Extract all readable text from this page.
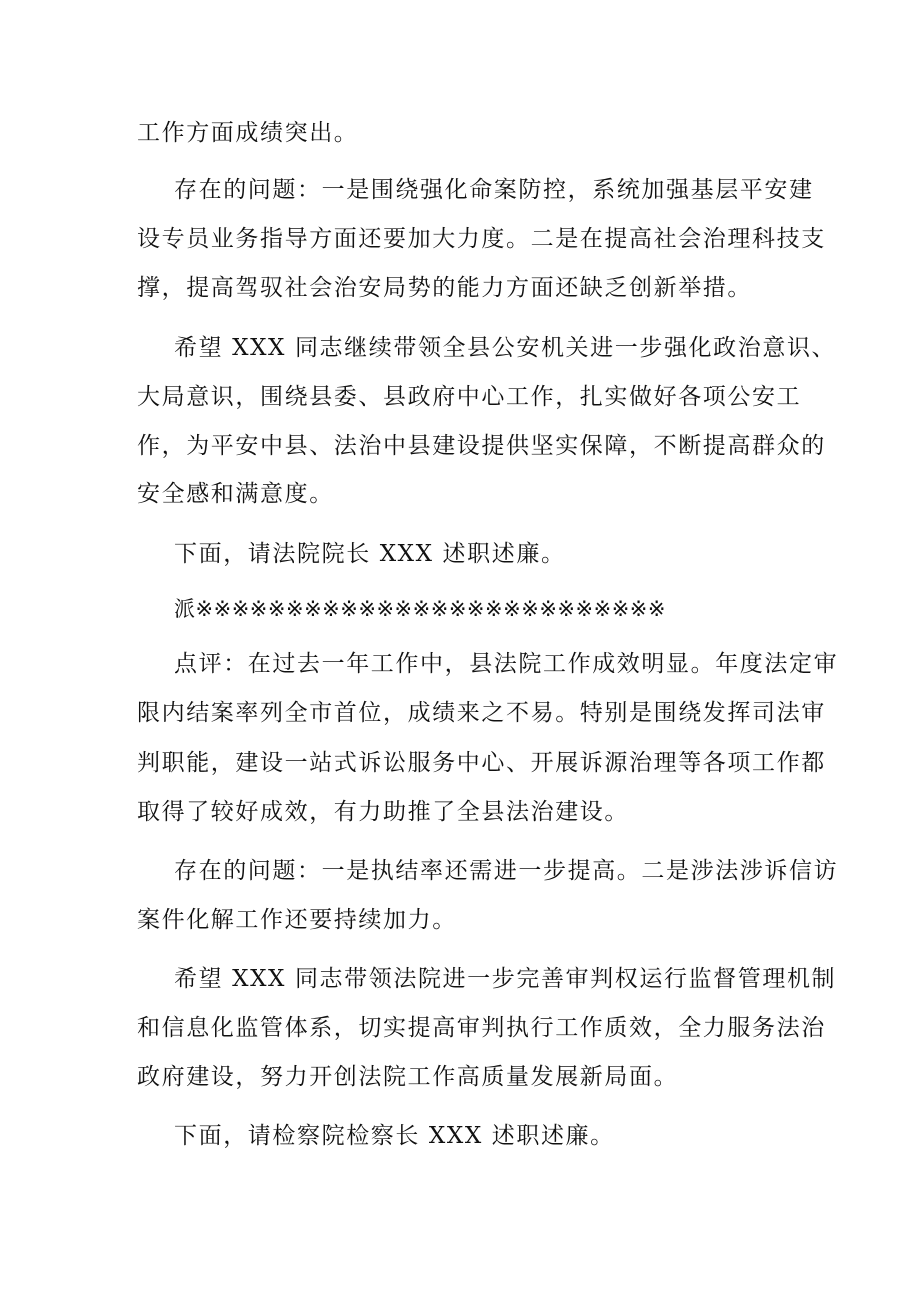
工作方面成绩突出。
存在的问题：一是围绕强化命案防控，系统加强基层平安建
设专员业务指导方面还要加大力度。二是在提高社会治理科技支
撑，提高驾驭社会治安局势的能力方面还缺乏创新举措。
希望 XXX 同志继续带领全县公安机关进一步强化政治意识、
大局意识，围绕县委、县政府中心工作，扎实做好各项公安工
作，为平安中县、法治中县建设提供坚实保障，不断提高群众的
安全感和满意度。
下面，请法院院长 XXX 述职述廉。
派※※※※※※※※※※※※※※※※※※※※※※※※※※
点评：在过去一年工作中，县法院工作成效明显。年度法定审
限内结案率列全市首位，成绩来之不易。特别是围绕发挥司法审
判职能，建设一站式诉讼服务中心、开展诉源治理等各项工作都
取得了较好成效，有力助推了全县法治建设。
存在的问题：一是执结率还需进一步提高。二是涉法涉诉信访
案件化解工作还要持续加力。
希望 XXX 同志带领法院进一步完善审判权运行监督管理机制
和信息化监管体系，切实提高审判执行工作质效，全力服务法治
政府建设，努力开创法院工作高质量发展新局面。
下面，请检察院检察长 XXX 述职述廉。
